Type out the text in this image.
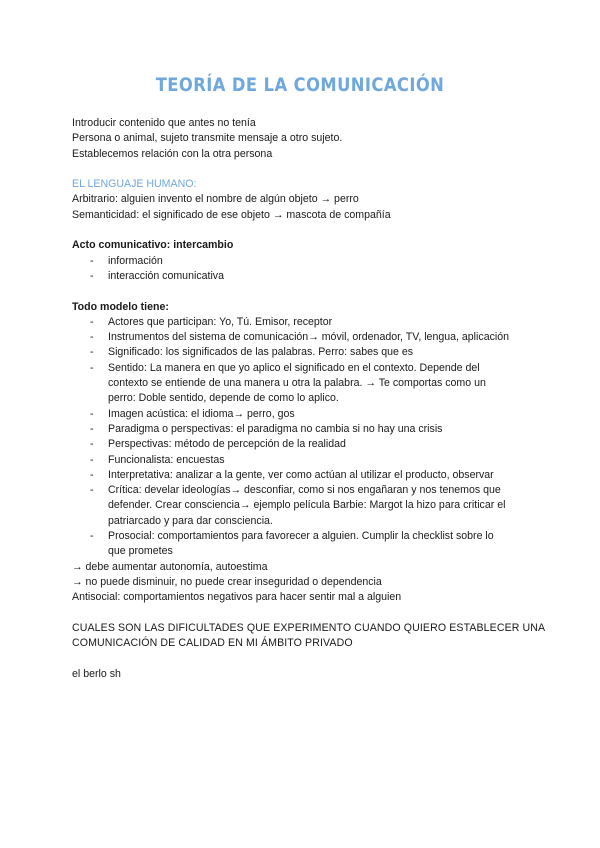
TEORÍA DE LA COMUNICACIÓN
Introducir contenido que antes no tenía
Persona o animal, sujeto transmite mensaje a otro sujeto.
Establecemos relación con la otra persona
EL LENGUAJE HUMANO:
Arbitrario: alguien invento el nombre de algún objeto → perro
Semanticidad: el significado de ese objeto → mascota de compañía
Acto comunicativo: intercambio
- información
- interacción comunicativa
Todo modelo tiene:
- Actores que participan: Yo, Tú. Emisor, receptor
- Instrumentos del sistema de comunicación→ móvil, ordenador, TV, lengua, aplicación
- Significado: los significados de las palabras. Perro: sabes que es
- Sentido: La manera en que yo aplico el significado en el contexto. Depende del
contexto se entiende de una manera u otra la palabra. → Te comportas como un
perro: Doble sentido, depende de como lo aplico.
- Imagen acústica: el idioma→ perro, gos
- Paradigma o perspectivas: el paradigma no cambia si no hay una crisis
- Perspectivas: método de percepción de la realidad
- Funcionalista: encuestas
- Interpretativa: analizar a la gente, ver como actúan al utilizar el producto, observar
- Crítica: develar ideologías→ desconfiar, como si nos engañaran y nos tenemos que
defender. Crear consciencia→ ejemplo película Barbie: Margot la hizo para criticar el
patriarcado y para dar consciencia.
- Prosocial: comportamientos para favorecer a alguien. Cumplir la checklist sobre lo
que prometes
→ debe aumentar autonomía, autoestima
→ no puede disminuir, no puede crear inseguridad o dependencia
Antisocial: comportamientos negativos para hacer sentir mal a alguien
CUALES SON LAS DIFICULTADES QUE EXPERIMENTO CUANDO QUIERO ESTABLECER UNA
COMUNICACIÓN DE CALIDAD EN MI ÁMBITO PRIVADO
el berlo sh
